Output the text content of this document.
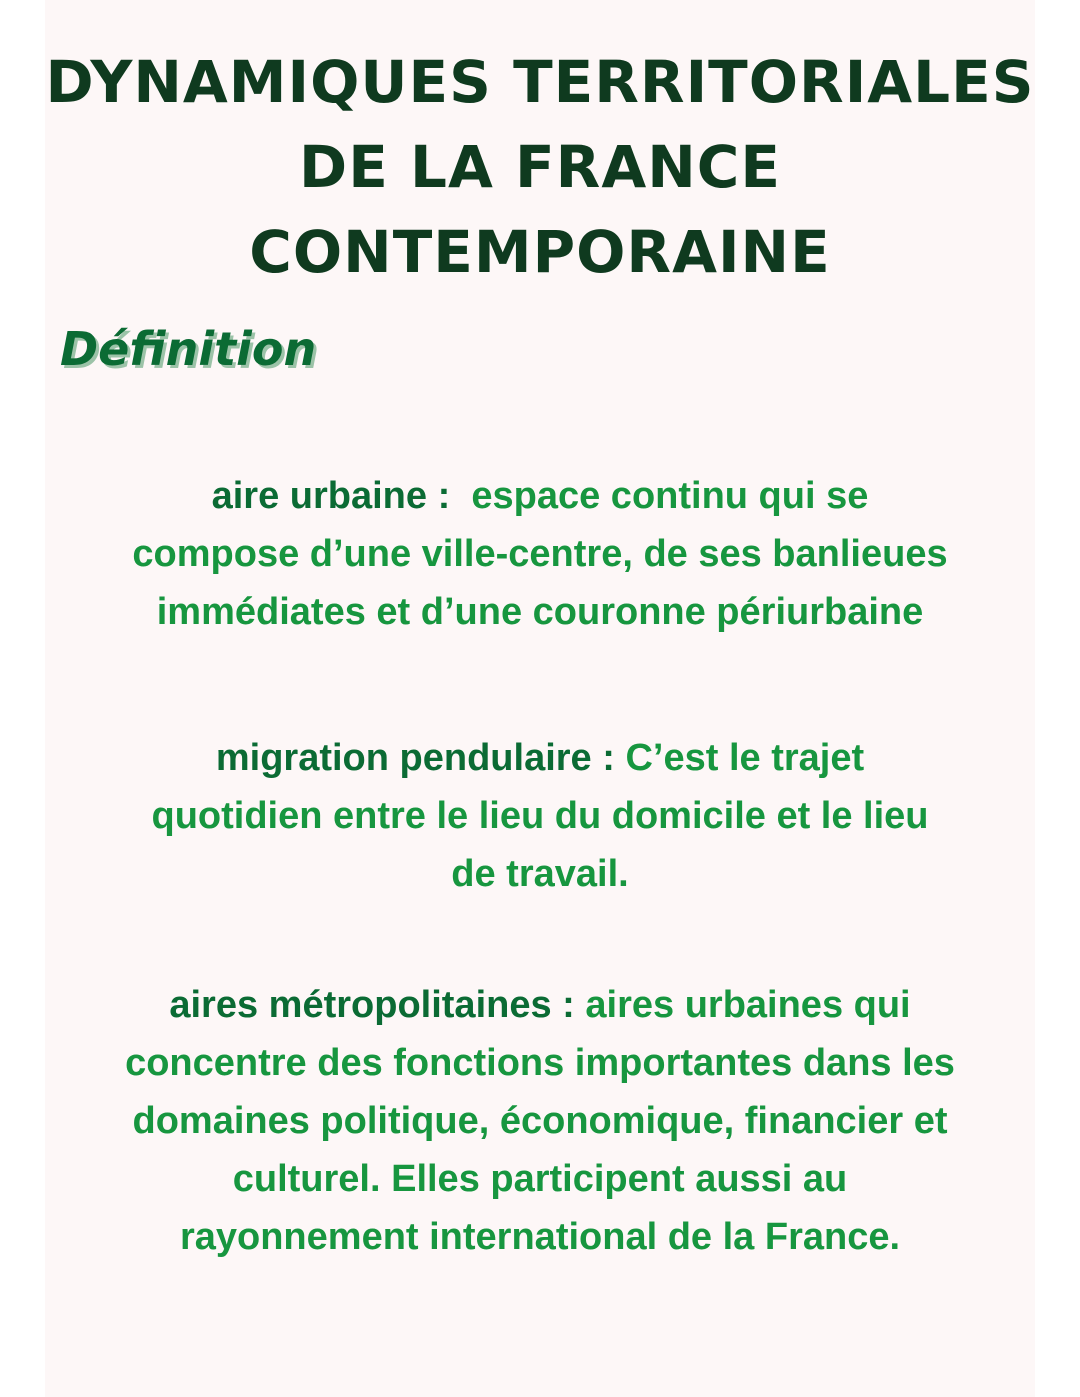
DYNAMIQUES TERRITORIALES
DE LA FRANCE
CONTEMPORAINE
Définition
aire urbaine :  espace continu qui se
compose d’une ville-centre, de ses banlieues
immédiates et d’une couronne périurbaine
migration pendulaire : C’est le trajet
quotidien entre le lieu du domicile et le lieu
de travail.
aires métropolitaines : aires urbaines qui
concentre des fonctions importantes dans les
domaines politique, économique, financier et
culturel. Elles participent aussi au
rayonnement international de la France.
